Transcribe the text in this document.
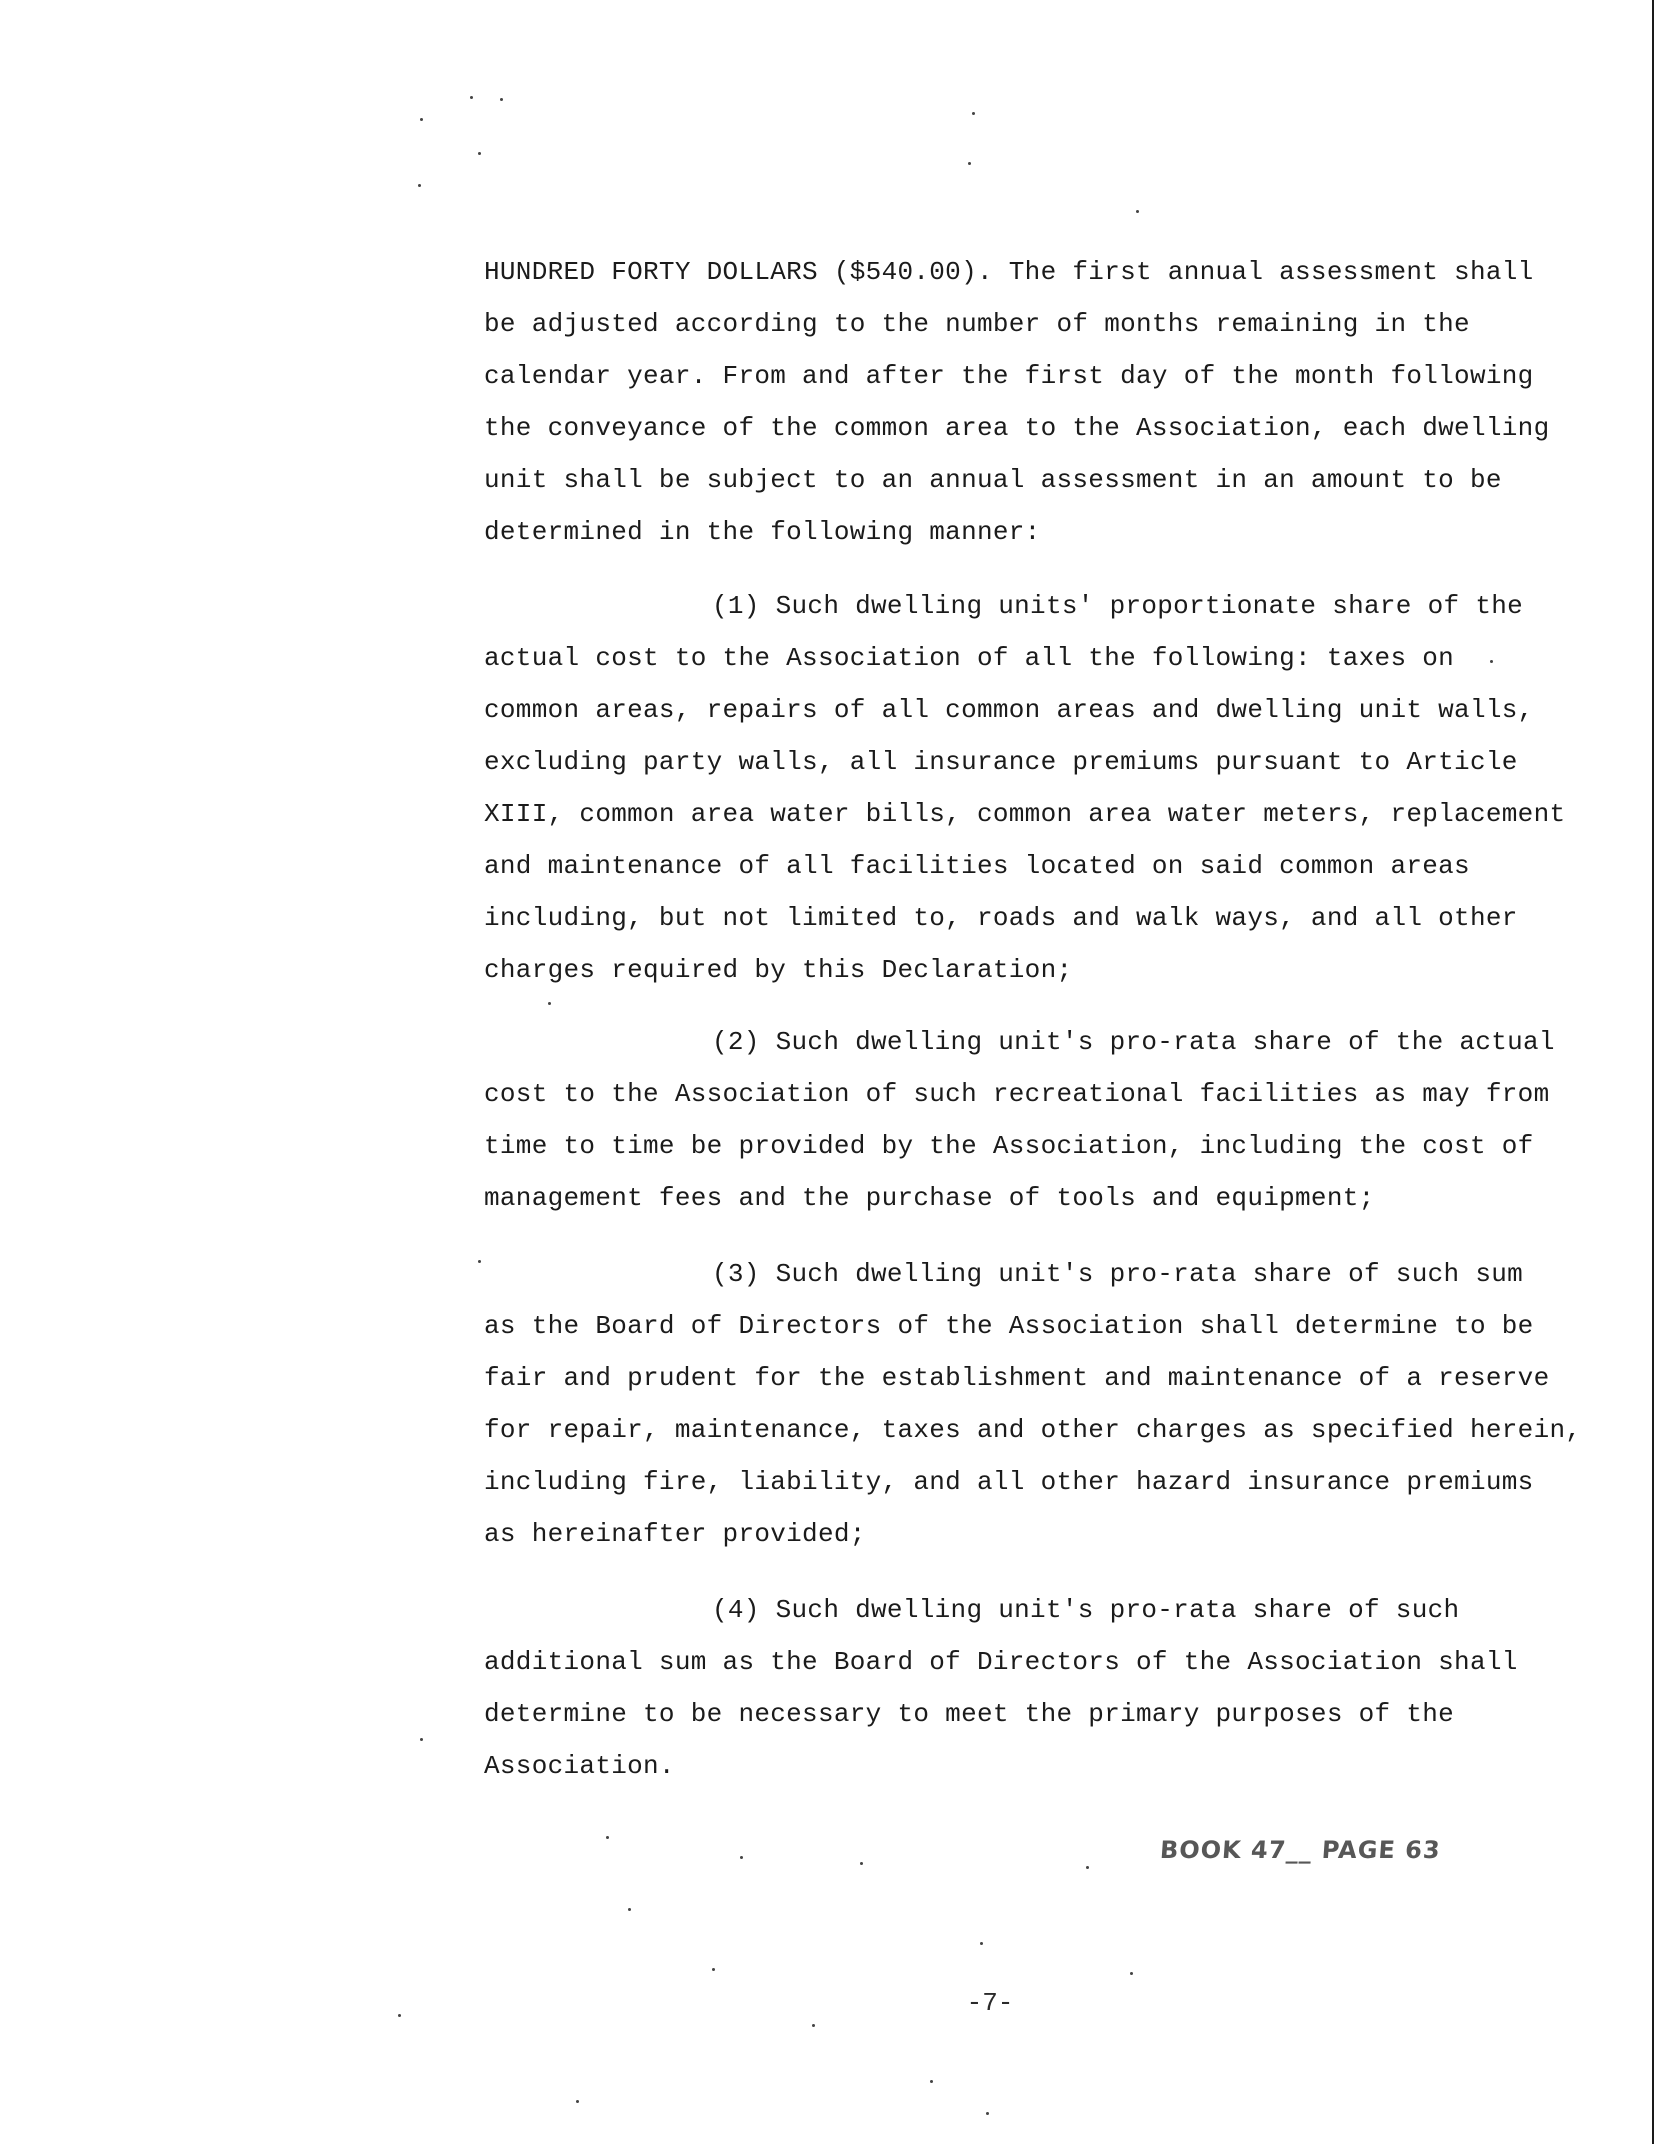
HUNDRED FORTY DOLLARS ($540.00). The first annual assessment shall
be adjusted according to the number of months remaining in the
calendar year. From and after the first day of the month following
the conveyance of the common area to the Association, each dwelling
unit shall be subject to an annual assessment in an amount to be
determined in the following manner:
(1) Such dwelling units' proportionate share of the
actual cost to the Association of all the following: taxes on
common areas, repairs of all common areas and dwelling unit walls,
excluding party walls, all insurance premiums pursuant to Article
XIII, common area water bills, common area water meters, replacement
and maintenance of all facilities located on said common areas
including, but not limited to, roads and walk ways, and all other
charges required by this Declaration;
(2) Such dwelling unit's pro-rata share of the actual
cost to the Association of such recreational facilities as may from
time to time be provided by the Association, including the cost of
management fees and the purchase of tools and equipment;
(3) Such dwelling unit's pro-rata share of such sum
as the Board of Directors of the Association shall determine to be
fair and prudent for the establishment and maintenance of a reserve
for repair, maintenance, taxes and other charges as specified herein,
including fire, liability, and all other hazard insurance premiums
as hereinafter provided;
(4) Such dwelling unit's pro-rata share of such
additional sum as the Board of Directors of the Association shall
determine to be necessary to meet the primary purposes of the
Association.
BOOK 47__ PAGE 63
-7-
